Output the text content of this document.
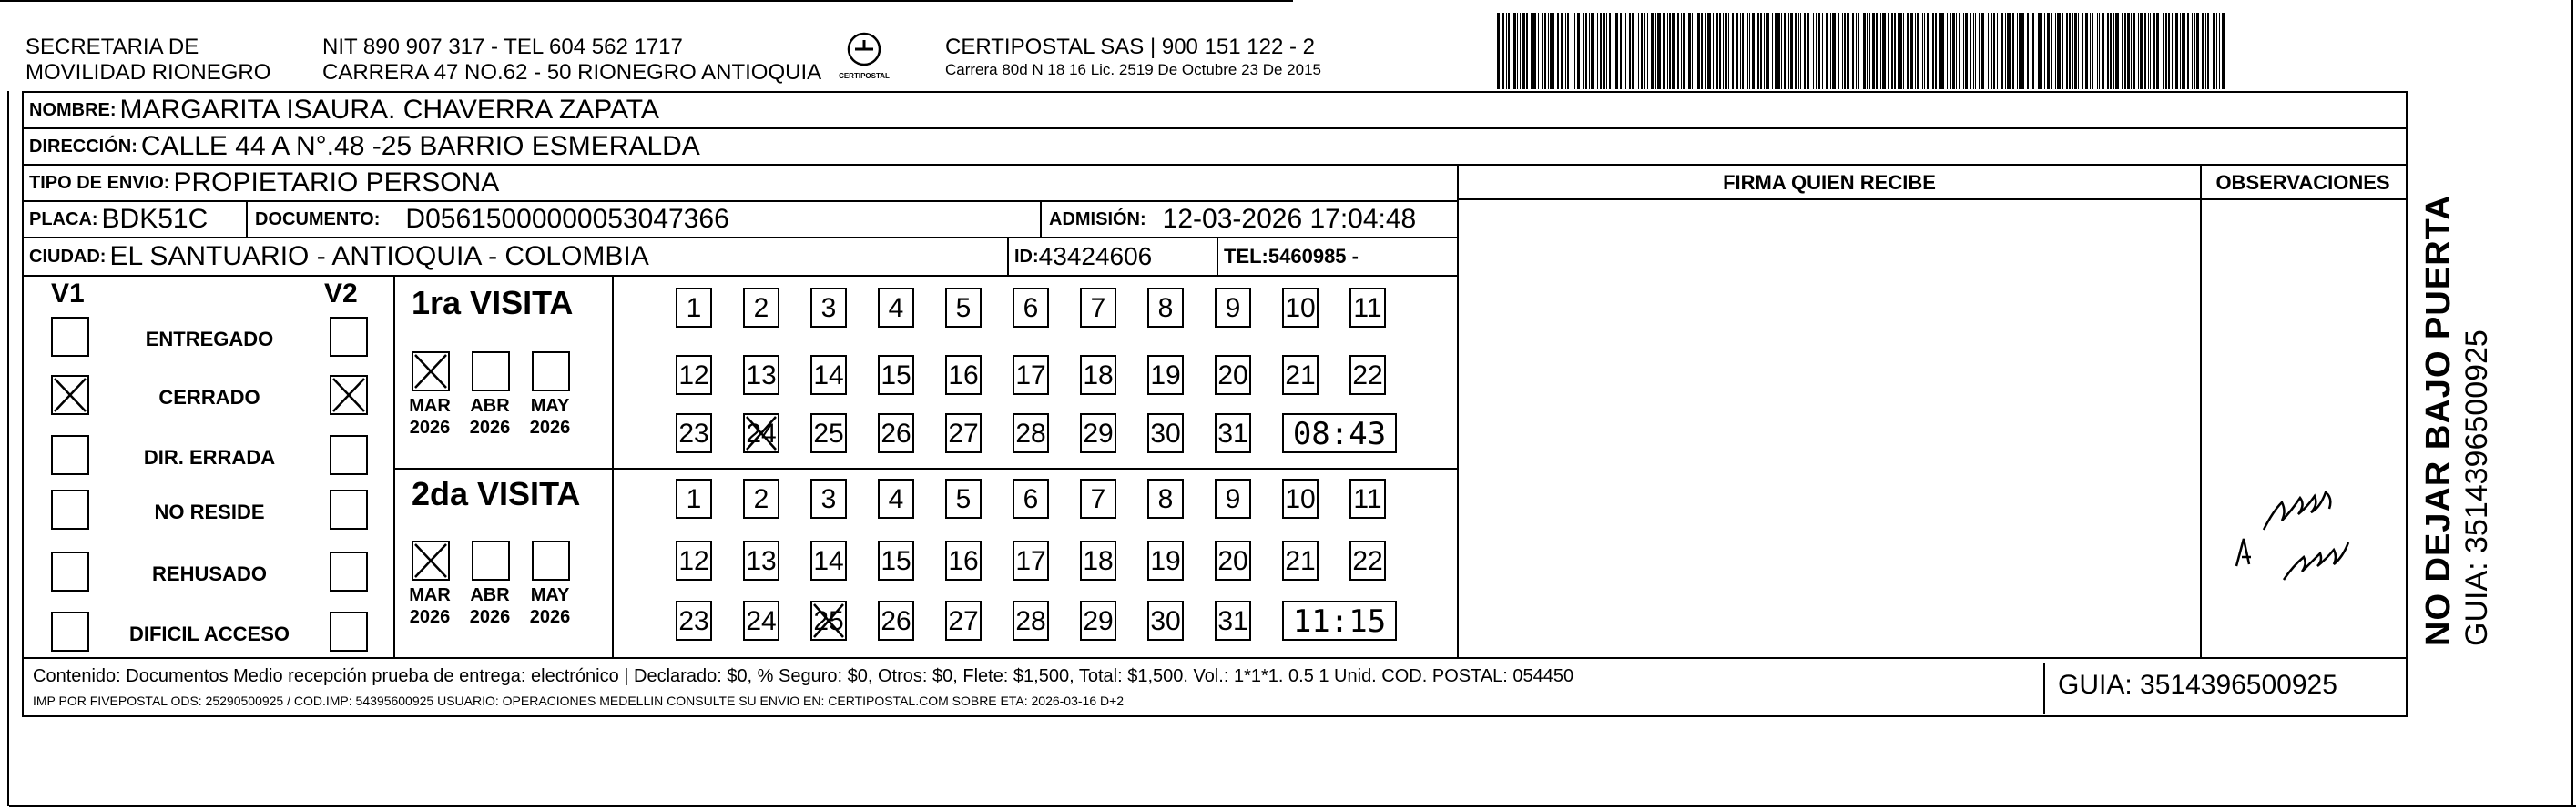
SECRETARIA DE
MOVILIDAD RIONEGRO
NIT 890 907 317 - TEL 604 562 1717
CARRERA 47 NO.62 - 50 RIONEGRO ANTIOQUIA	CERTIPOSTAL
CERTIPOSTAL SAS | 900 151 122 - 2
Carrera 80d N 18 16 Lic. 2519 De Octubre 23 De 2015
NOMBRE: MARGARITA ISAURA. CHAVERRA ZAPATA
DIRECCIÓN: CALLE 44 A N°.48 -25 BARRIO ESMERALDA
TIPO DE ENVIO: PROPIETARIO PERSONA
PLACA: BDK51C	DOCUMENTO: D05615000000053047366	ADMISIÓN: 12-03-2026 17:04:48
CIUDAD: EL SANTUARIO - ANTIOQUIA - COLOMBIA	ID: 43424606	TEL: 5460985 -
FIRMA QUIEN RECIBE	OBSERVACIONES
V1	V2
ENTREGADO
CERRADO
DIR. ERRADA
NO RESIDE
REHUSADO
DIFICIL ACCESO
1ra VISITA
MAR
2026
ABR
2026
MAY
2026
1	2	3	4	5	6	7	8	9	10 11
12 13 14 15 16 17 18 19 20 21 22
23 24 25 26 27 28 29 30 31	08:43
2da VISITA
MAR
2026
ABR
2026
MAY
2026
1	2	3	4	5	6	7	8	9	10 11
12 13 14 15 16 17 18 19 20 21 22
23 24 25 26 27 28 29 30 31	11:15
Contenido: Documentos Medio recepción prueba de entrega: electrónico | Declarado: $0, % Seguro: $0, Otros: $0, Flete: $1,500, Total: $1,500. Vol.: 1*1*1. 0.5 1 Unid. COD. POSTAL: 054450
IMP POR FIVEPOSTAL ODS: 25290500925 / COD.IMP: 54395600925 USUARIO: OPERACIONES MEDELLIN CONSULTE SU ENVIO EN: CERTIPOSTAL.COM SOBRE ETA: 2026-03-16 D+2
GUIA: 3514396500925
NO DEJAR BAJO PUERTA GUIA: 3514396500925
